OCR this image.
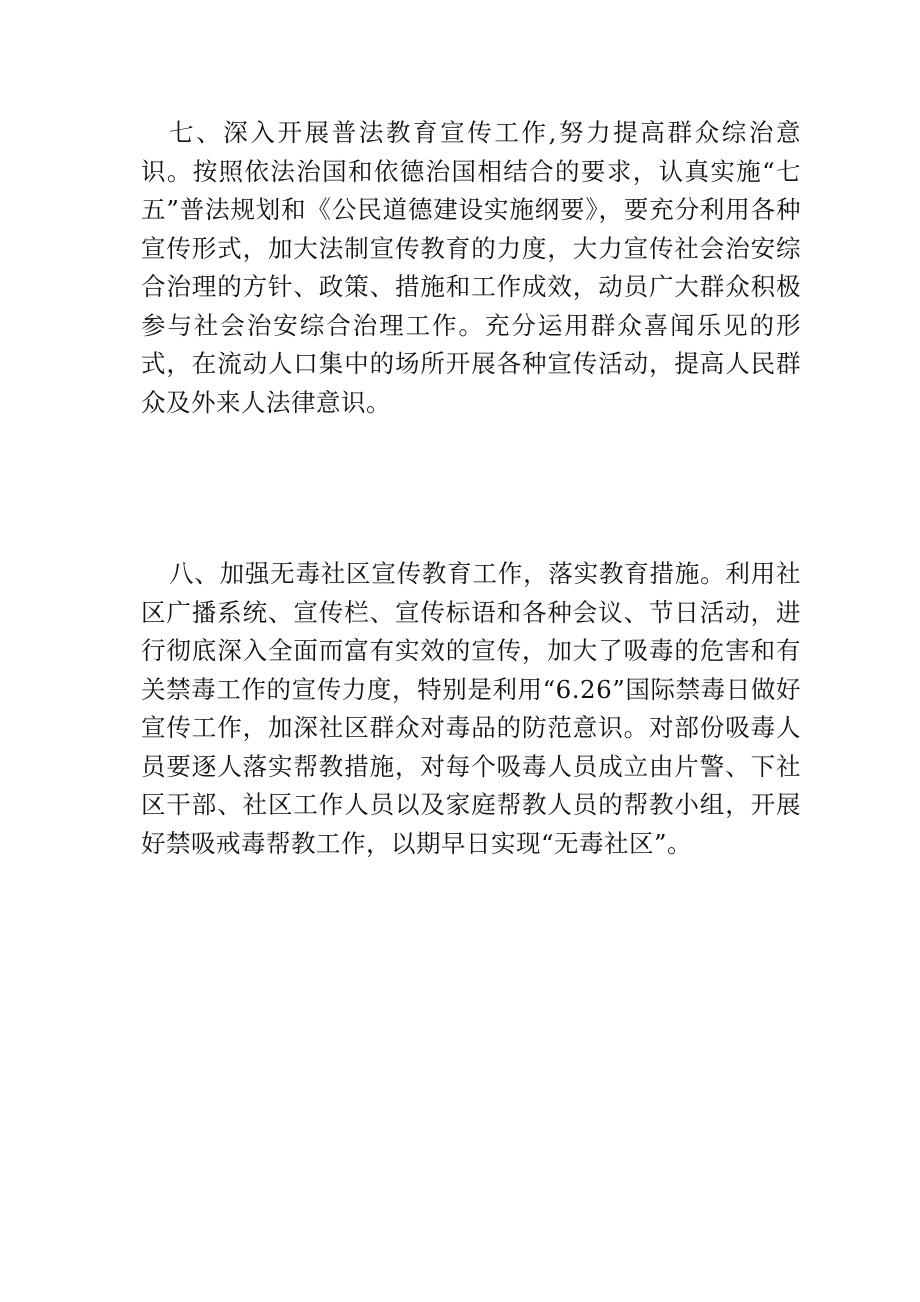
七、深入开展普法教育宣传工作,努力提高群众综治意识。按照依法治国和依德治国相结合的要求，认真实施“七五”普法规划和《公民道德建设实施纲要》，要充分利用各种宣传形式，加大法制宣传教育的力度，大力宣传社会治安综合治理的方针、政策、措施和工作成效，动员广大群众积极参与社会治安综合治理工作。充分运用群众喜闻乐见的形式，在流动人口集中的场所开展各种宣传活动，提高人民群众及外来人法律意识。

八、加强无毒社区宣传教育工作，落实教育措施。利用社区广播系统、宣传栏、宣传标语和各种会议、节日活动，进行彻底深入全面而富有实效的宣传，加大了吸毒的危害和有关禁毒工作的宣传力度，特别是利用“6.26”国际禁毒日做好宣传工作，加深社区群众对毒品的防范意识。对部份吸毒人员要逐人落实帮教措施，对每个吸毒人员成立由片警、下社区干部、社区工作人员以及家庭帮教人员的帮教小组，开展好禁吸戒毒帮教工作，以期早日实现“无毒社区”。
